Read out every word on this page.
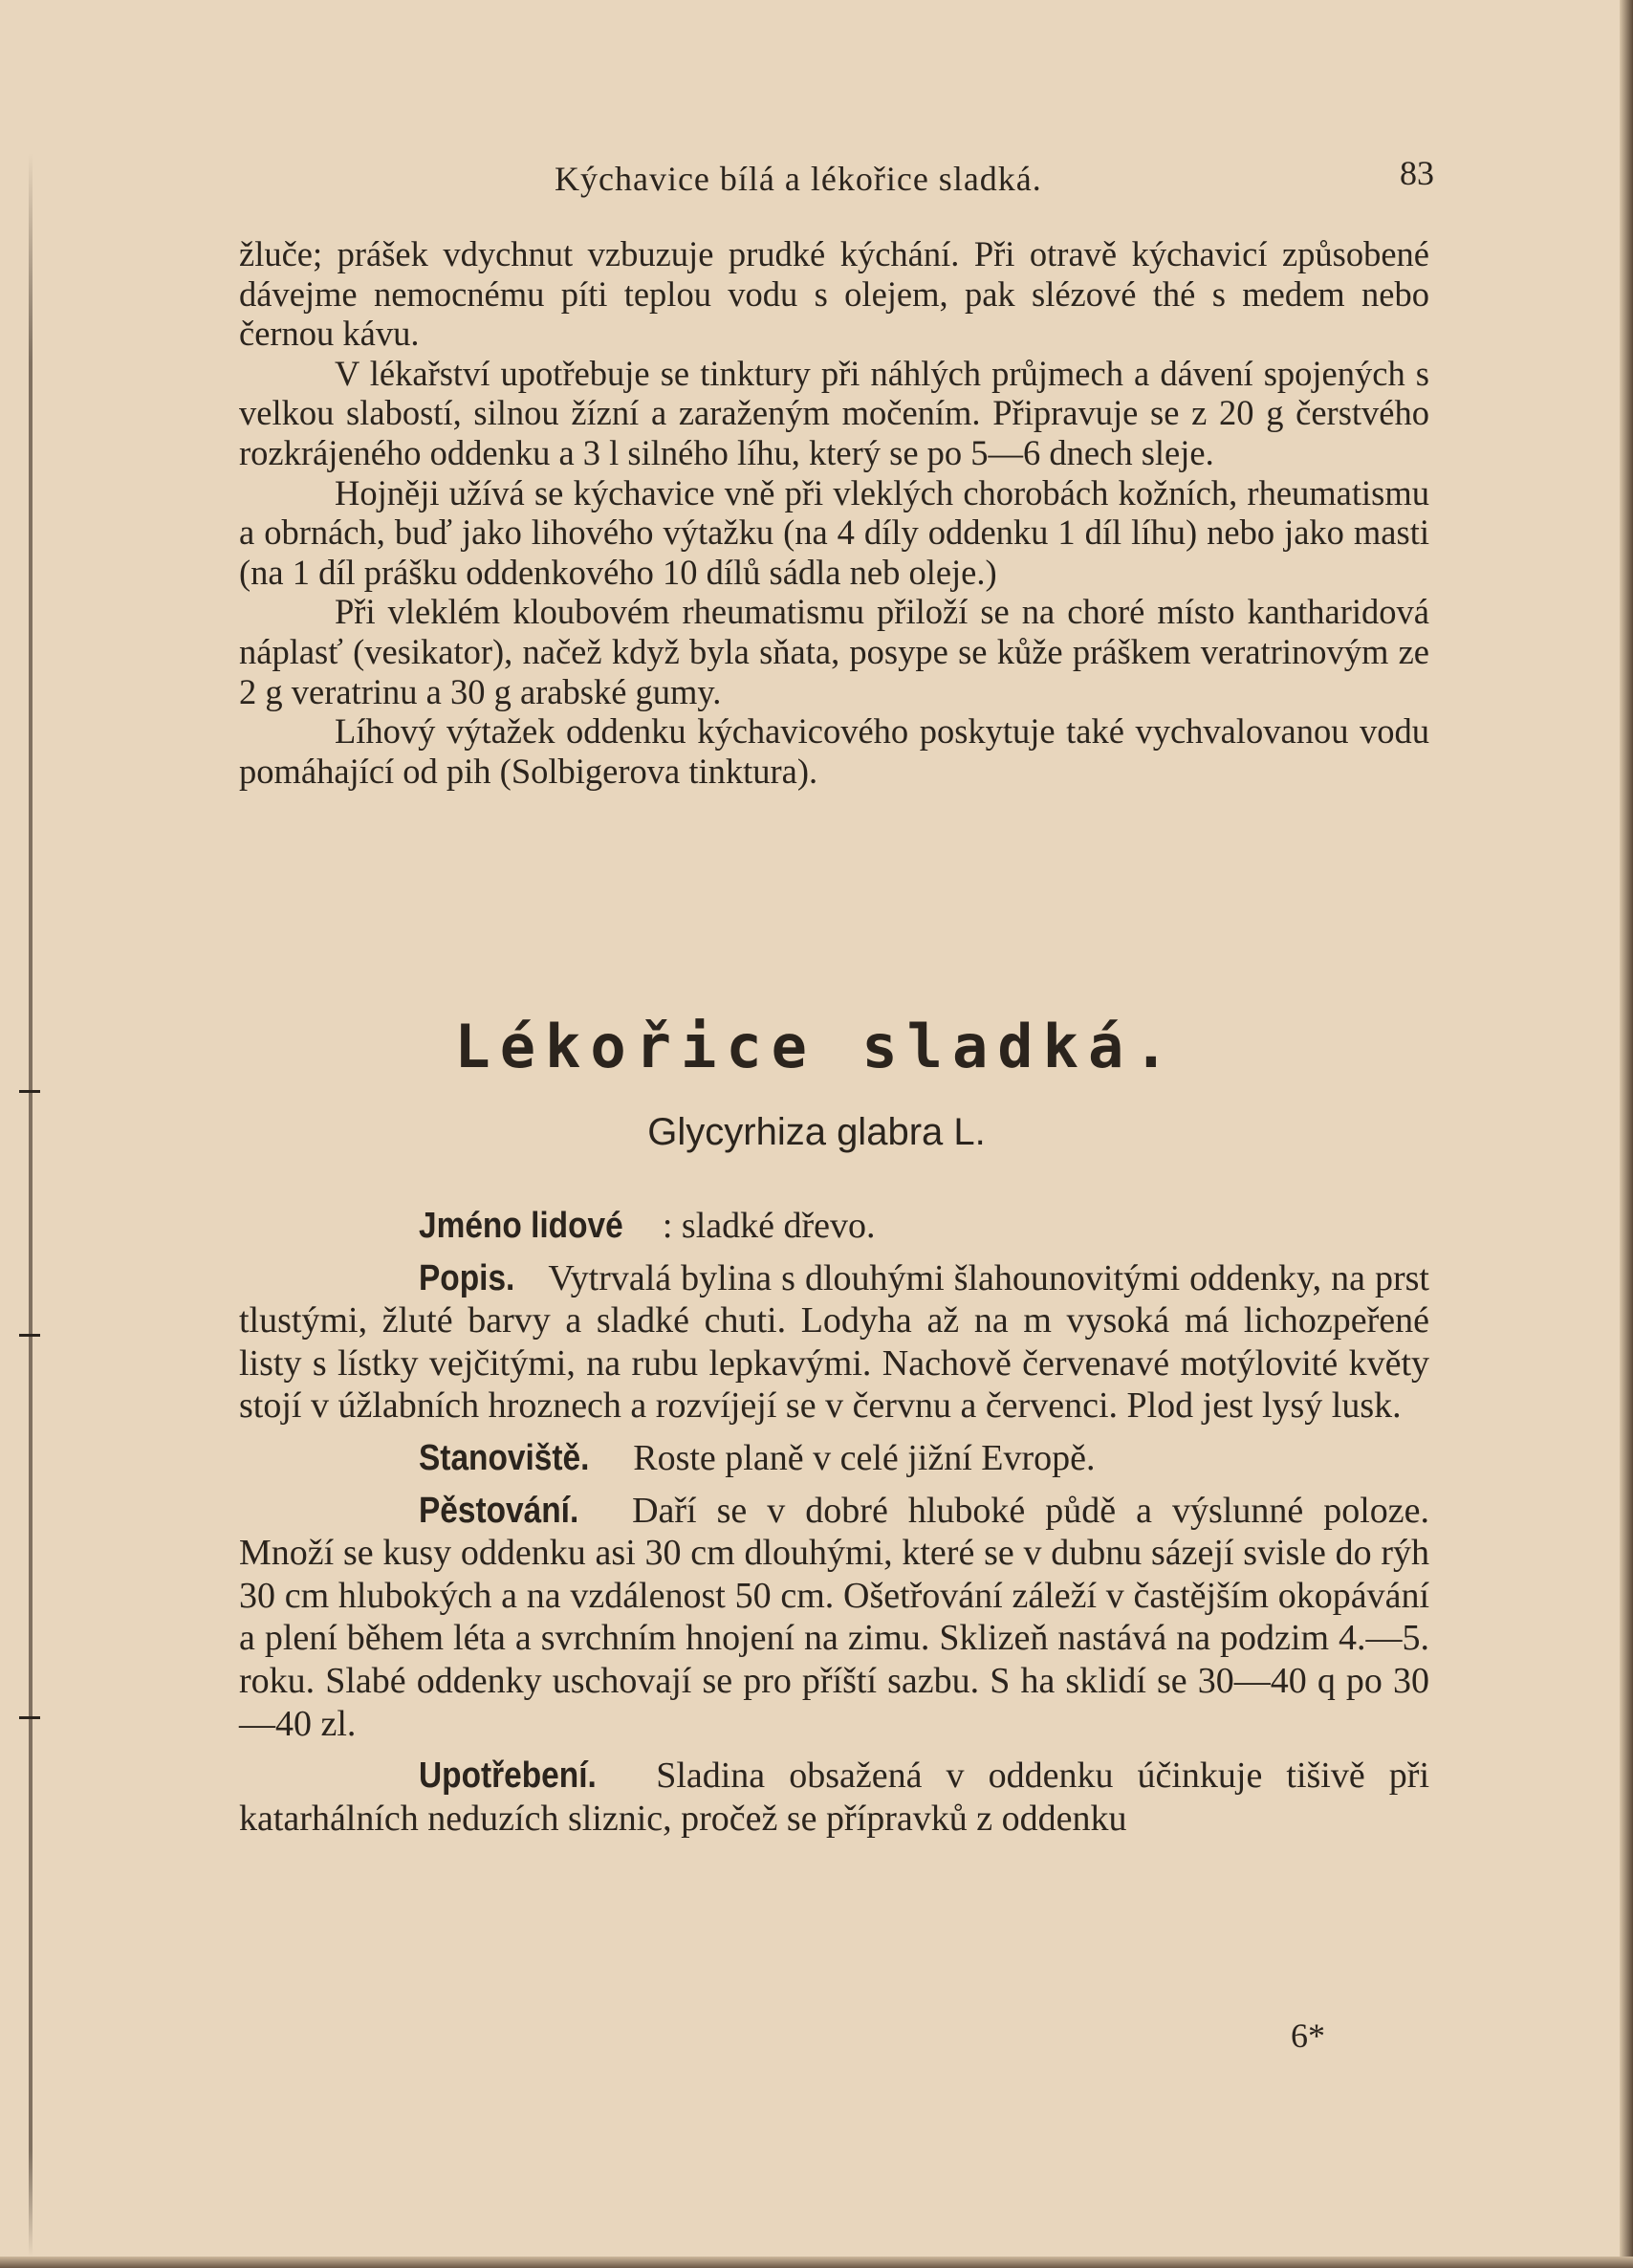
Kýchavice bílá a lékořice sladká.	83

žluče; prášek vdychnut vzbuzuje prudké kýchání. Při otravě kýchavicí způsobené dávejme nemocnému píti teplou vodu s olejem, pak slézové thé s medem nebo černou kávu.

V lékařství upotřebuje se tinktury při náhlých průjmech a dávení spojených s velkou slabostí, silnou žízní a zaraženým močením. Připravuje se z 20 g čerstvého rozkrájeného oddenku a 3 l silného líhu, který se po 5—6 dnech sleje.

Hojněji užívá se kýchavice vně při vleklých chorobách kožních, rheumatismu a obrnách, buď jako lihového výtažku (na 4 díly oddenku 1 díl líhu) nebo jako masti (na 1 díl prášku oddenkového 10 dílů sádla neb oleje.)

Při vleklém kloubovém rheumatismu přiloží se na choré místo kantharidová náplasť (vesikator), načež když byla sňata, posype se kůže práškem veratrinovým ze 2 g veratrinu a 30 g arabské gumy.

Líhový výtažek oddenku kýchavicového poskytuje také vychvalovanou vodu pomáhající od pih (Solbigerova tinktura).

Lékořice sladká.
Glycyrhiza glabra L.

Jméno lidové : sladké dřevo.

Popis. Vytrvalá bylina s dlouhými šlahounovitými oddenky, na prst tlustými, žluté barvy a sladké chuti. Lodyha až na m vysoká má lichozpeřené listy s lístky vejčitými, na rubu lepkavými. Nachově červenavé motýlovité květy stojí v úžlabních hroznech a rozvíjejí se v červnu a červenci. Plod jest lysý lusk.

Stanoviště. Roste planě v celé jižní Evropě.

Pěstování. Daří se v dobré hluboké půdě a výslunné poloze. Množí se kusy oddenku asi 30 cm dlouhými, které se v dubnu sázejí svisle do rýh 30 cm hlubokých a na vzdálenost 50 cm. Ošetřování záleží v častějším okopávání a plení během léta a svrchním hnojení na zimu. Sklizeň nastává na podzim 4.—5. roku. Slabé oddenky uschovají se pro příští sazbu. S ha sklidí se 30—40 q po 30—40 zl.

Upotřebení. Sladina obsažená v oddenku účinkuje tišivě při katarhálních neduzích sliznic, pročež se přípravků z oddenku

6*
